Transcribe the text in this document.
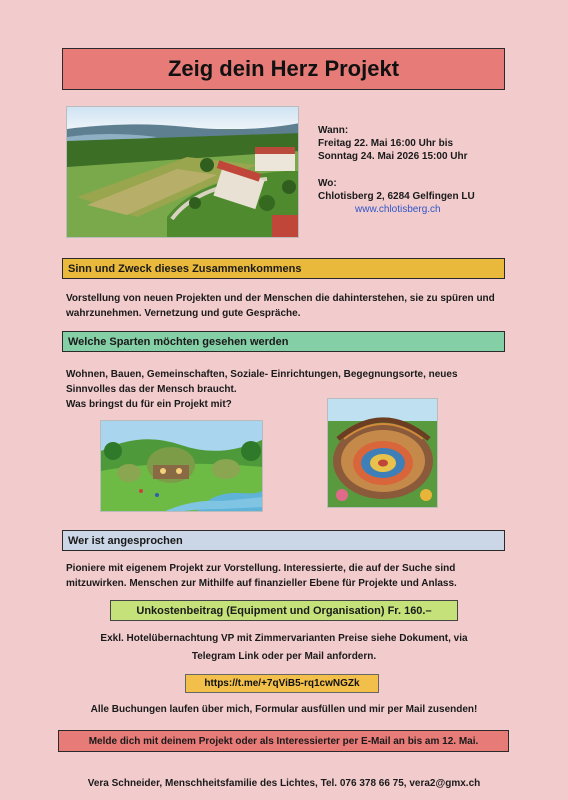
Zeig dein Herz Projekt
Wann:
Freitag 22. Mai 16:00 Uhr bis
Sonntag 24. Mai 2026 15:00 Uhr
Wo:
Chlotisberg 2, 6284 Gelfingen LU
www.chlotisberg.ch
Sinn und Zweck dieses Zusammenkommens
Vorstellung von neuen Projekten und der Menschen die dahinterstehen, sie zu spüren und wahrzunehmen. Vernetzung und gute Gespräche.
Welche Sparten möchten gesehen werden
Wohnen, Bauen, Gemeinschaften, Soziale- Einrichtungen, Begegnungsorte, neues
Sinnvolles das der Mensch braucht.
Was bringst du für ein Projekt mit?
Wer ist angesprochen
Pioniere mit eigenem Projekt zur Vorstellung. Interessierte, die auf der Suche sind mitzuwirken. Menschen zur Mithilfe auf finanzieller Ebene für Projekte und Anlass.
Unkostenbeitrag (Equipment und Organisation) Fr. 160.–
Exkl. Hotelübernachtung VP mit Zimmervarianten Preise siehe Dokument, via
Telegram Link oder per Mail anfordern.
https://t.me/+7qViB5-rq1cwNGZk
Alle Buchungen laufen über mich, Formular ausfüllen und mir per Mail zusenden!
Melde dich mit deinem Projekt oder als Interessierter per E-Mail an bis am 12. Mai.
Vera Schneider, Menschheitsfamilie des Lichtes, Tel. 076 378 66 75, vera2@gmx.ch
